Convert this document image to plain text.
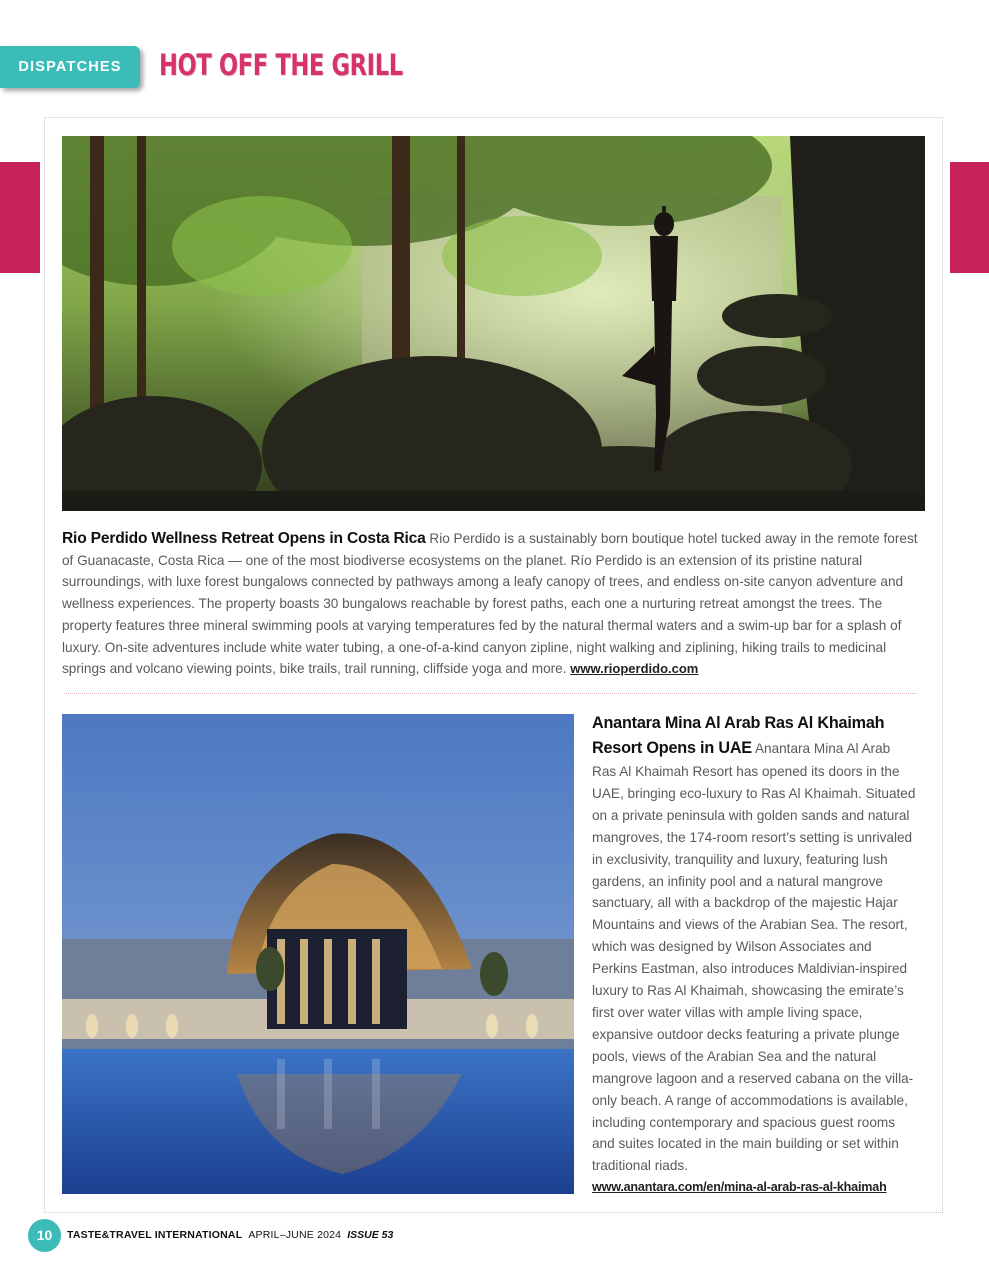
DISPATCHES	HOT OFF THE GRILL
Rio Perdido Wellness Retreat Opens in Costa Rica Rio Perdido is a sustainably born boutique hotel tucked away in the remote forest of Guanacaste, Costa Rica — one of the most biodiverse ecosystems on the planet. Río Perdido is an extension of its pristine natural surroundings, with luxe forest bungalows connected by pathways among a leafy canopy of trees, and endless on-site canyon adventure and wellness experiences. The property boasts 30 bungalows reachable by forest paths, each one a nurturing retreat amongst the trees. The property features three mineral swimming pools at varying temperatures fed by the natural thermal waters and a swim-up bar for a splash of luxury. On-site adventures include white water tubing, a one-of-a-kind canyon zipline, night walking and ziplining, hiking trails to medicinal springs and volcano viewing points, bike trails, trail running, cliffside yoga and more. www.rioperdido.com
Anantara Mina Al Arab Ras Al Khaimah Resort Opens in UAE Anantara Mina Al Arab Ras Al Khaimah Resort has opened its doors in the UAE, bringing eco-luxury to Ras Al Khaimah. Situated on a private peninsula with golden sands and natural mangroves, the 174-room resort’s setting is unrivaled in exclusivity, tranquility and luxury, featuring lush gardens, an infinity pool and a natural mangrove sanctuary, all with a backdrop of the majestic Hajar Mountains and views of the Arabian Sea. The resort, which was designed by Wilson Associates and Perkins Eastman, also introduces Maldivian-inspired luxury to Ras Al Khaimah, showcasing the emirate’s first over water villas with ample living space, expansive outdoor decks featuring a private plunge pools, views of the Arabian Sea and the natural mangrove lagoon and a reserved cabana on the villa-only beach. A range of accommodations is available, including contemporary and spacious guest rooms and suites located in the main building or set within traditional riads.
www.anantara.com/en/mina-al-arab-ras-al-khaimah
10	TASTE&TRAVEL INTERNATIONAL APRIL–JUNE 2024 ISSUE 53
